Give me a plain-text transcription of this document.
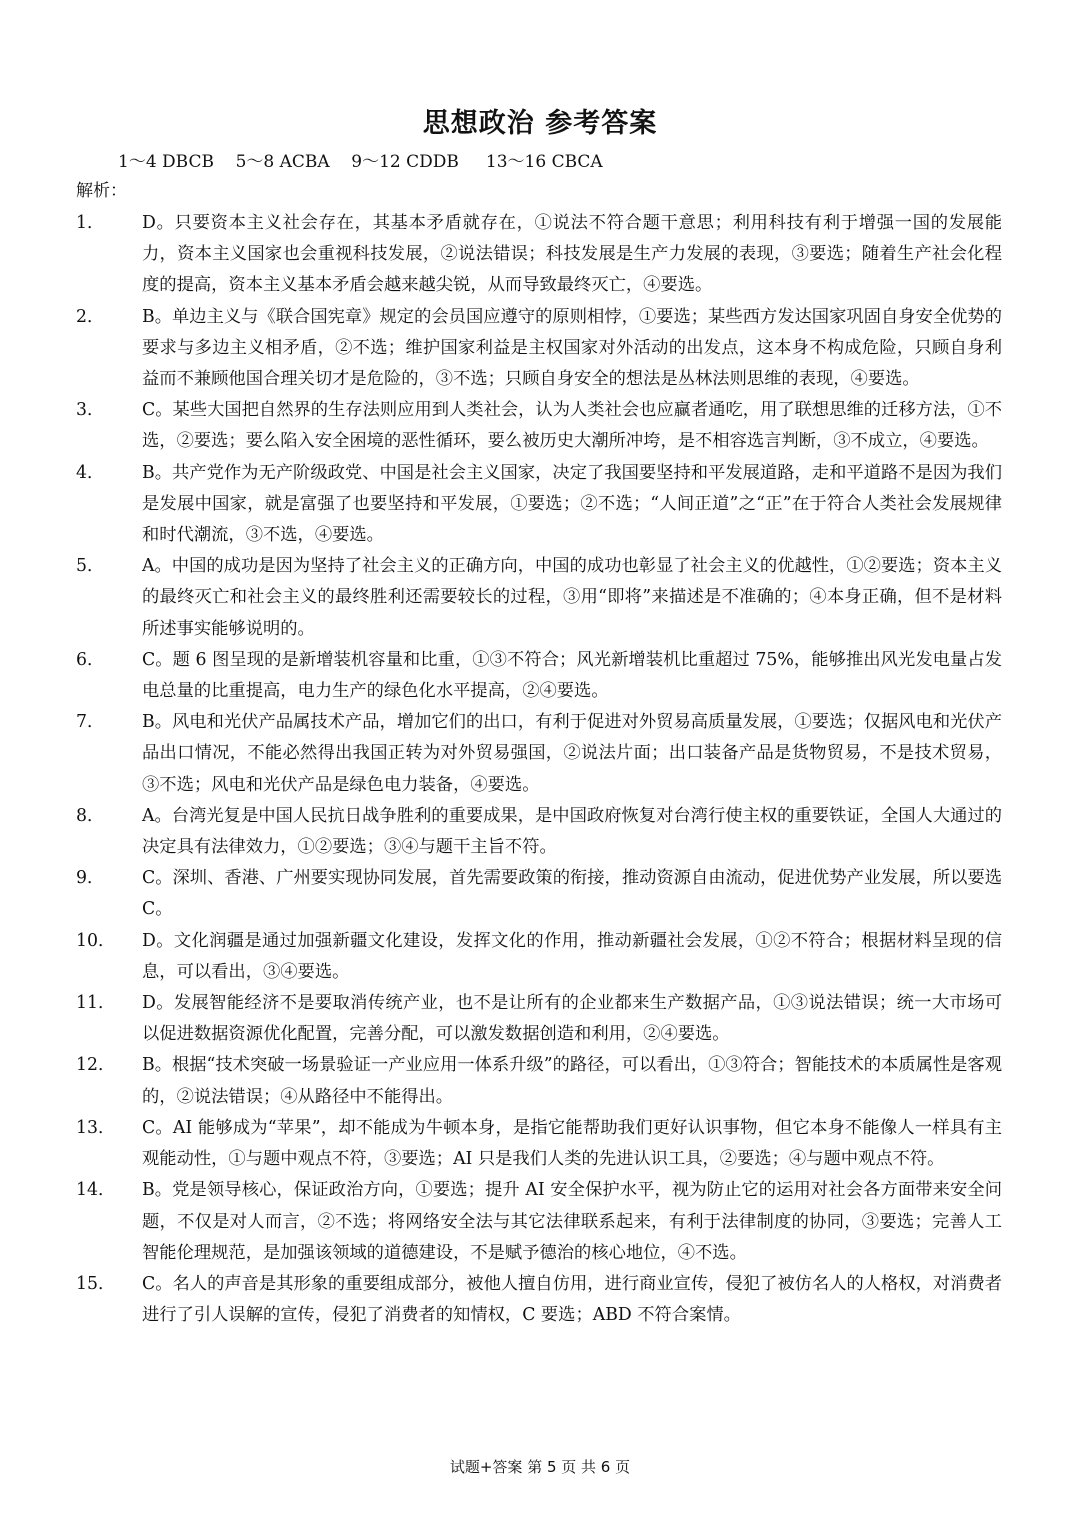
思想政治 参考答案
1～4 DBCB    5～8 ACBA    9～12 CDDB     13～16 CBCA
解析：

1．	D。只要资本主义社会存在，其基本矛盾就存在，①说法不符合题干意思；利用科技有利于增强一国的发展能力，资本主义国家也会重视科技发展，②说法错误；科技发展是生产力发展的表现，③要选；随着生产社会化程度的提高，资本主义基本矛盾会越来越尖锐，从而导致最终灭亡，④要选。

2．	B。单边主义与《联合国宪章》规定的会员国应遵守的原则相悖，①要选；某些西方发达国家巩固自身安全优势的要求与多边主义相矛盾，②不选；维护国家利益是主权国家对外活动的出发点，这本身不构成危险，只顾自身利益而不兼顾他国合理关切才是危险的，③不选；只顾自身安全的想法是丛林法则思维的表现，④要选。

3．	C。某些大国把自然界的生存法则应用到人类社会，认为人类社会也应赢者通吃，用了联想思维的迁移方法，①不选，②要选；要么陷入安全困境的恶性循环，要么被历史大潮所冲垮，是不相容选言判断，③不成立，④要选。

4．	B。共产党作为无产阶级政党、中国是社会主义国家，决定了我国要坚持和平发展道路，走和平道路不是因为我们是发展中国家，就是富强了也要坚持和平发展，①要选；②不选；“人间正道”之“正”在于符合人类社会发展规律和时代潮流，③不选，④要选。

5．	A。中国的成功是因为坚持了社会主义的正确方向，中国的成功也彰显了社会主义的优越性，①②要选；资本主义的最终灭亡和社会主义的最终胜利还需要较长的过程，③用“即将”来描述是不准确的；④本身正确，但不是材料所述事实能够说明的。

6．	C。题 6 图呈现的是新增装机容量和比重，①③不符合；风光新增装机比重超过 75%，能够推出风光发电量占发电总量的比重提高，电力生产的绿色化水平提高，②④要选。

7．	B。风电和光伏产品属技术产品，增加它们的出口，有利于促进对外贸易高质量发展，①要选；仅据风电和光伏产品出口情况，不能必然得出我国正转为对外贸易强国，②说法片面；出口装备产品是货物贸易，不是技术贸易，③不选；风电和光伏产品是绿色电力装备，④要选。

8．	A。台湾光复是中国人民抗日战争胜利的重要成果，是中国政府恢复对台湾行使主权的重要铁证，全国人大通过的决定具有法律效力，①②要选；③④与题干主旨不符。

9．	C。深圳、香港、广州要实现协同发展，首先需要政策的衔接，推动资源自由流动，促进优势产业发展，所以要选 C。

10．	D。文化润疆是通过加强新疆文化建设，发挥文化的作用，推动新疆社会发展，①②不符合；根据材料呈现的信息，可以看出，③④要选。

11．	D。发展智能经济不是要取消传统产业，也不是让所有的企业都来生产数据产品，①③说法错误；统一大市场可以促进数据资源优化配置，完善分配，可以激发数据创造和利用，②④要选。

12．	B。根据“技术突破一场景验证一产业应用一体系升级”的路径，可以看出，①③符合；智能技术的本质属性是客观的，②说法错误；④从路径中不能得出。

13．	C。AI 能够成为“苹果”，却不能成为牛顿本身，是指它能帮助我们更好认识事物，但它本身不能像人一样具有主观能动性，①与题中观点不符，③要选；AI 只是我们人类的先进认识工具，②要选；④与题中观点不符。

14．	B。党是领导核心，保证政治方向，①要选；提升 AI 安全保护水平，视为防止它的运用对社会各方面带来安全问题，不仅是对人而言，②不选；将网络安全法与其它法律联系起来，有利于法律制度的协同，③要选；完善人工智能伦理规范，是加强该领域的道德建设，不是赋予德治的核心地位，④不选。

15．	C。名人的声音是其形象的重要组成部分，被他人擅自仿用，进行商业宣传，侵犯了被仿名人的人格权，对消费者进行了引人误解的宣传，侵犯了消费者的知情权，C 要选；ABD 不符合案情。

试题+答案 第 5 页 共 6 页
